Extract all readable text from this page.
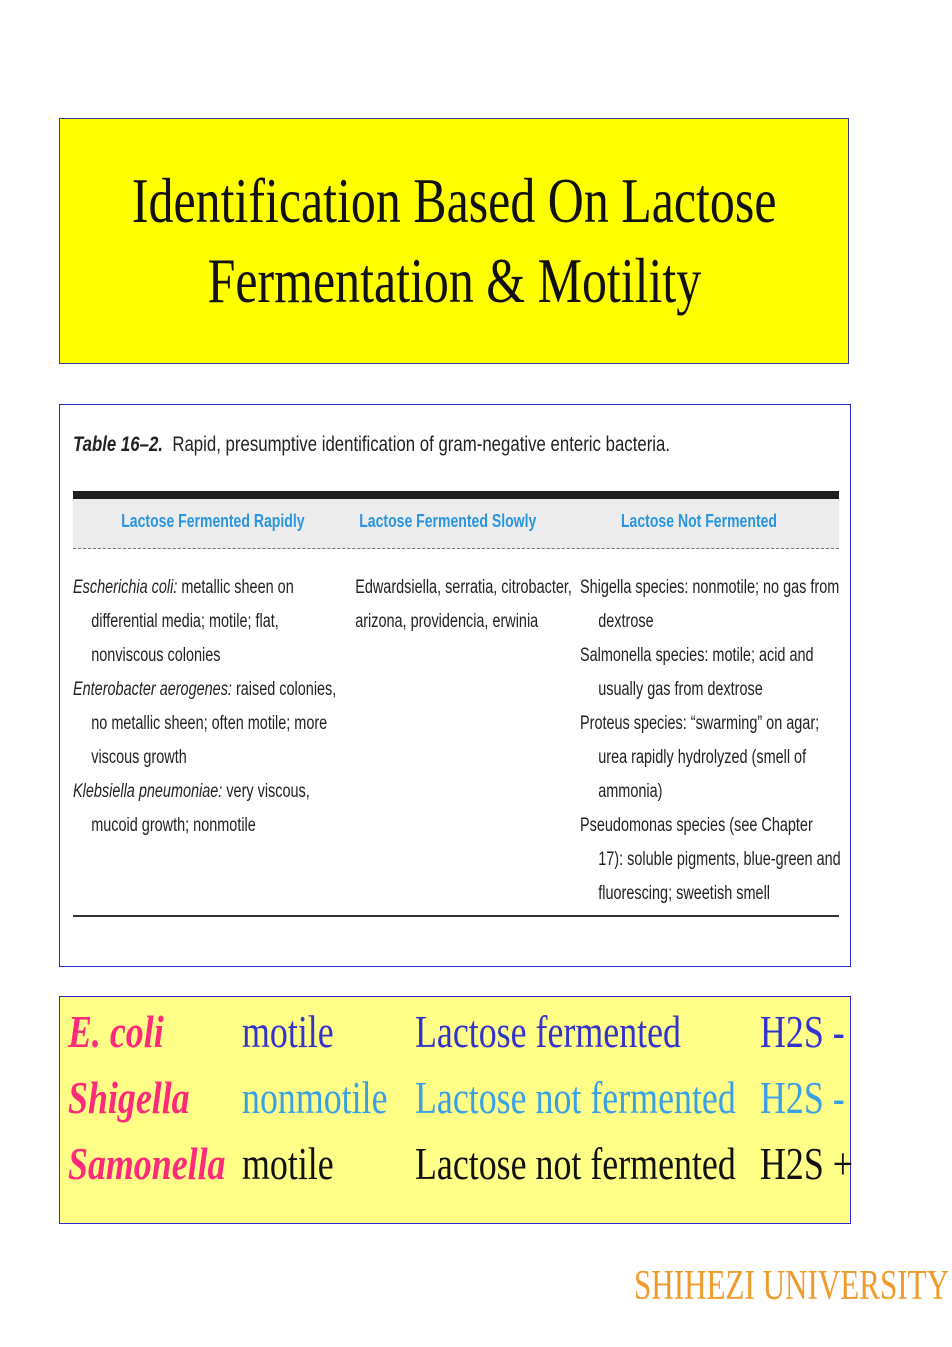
Identification Based On Lactose
Fermentation & Motility
Table 16–2. Rapid, presumptive identification of gram-negative enteric bacteria.
Lactose Fermented Rapidly	Lactose Fermented Slowly	Lactose Not Fermented
Escherichia coli: metallic sheen on
differential media; motile; flat,
nonviscous colonies
Enterobacter aerogenes: raised colonies,
no metallic sheen; often motile; more
viscous growth
Klebsiella pneumoniae: very viscous,
mucoid growth; nonmotile
Edwardsiella, serratia, citrobacter,
arizona, providencia, erwinia
Shigella species: nonmotile; no gas from
dextrose
Salmonella species: motile; acid and
usually gas from dextrose
Proteus species: “swarming” on agar;
urea rapidly hydrolyzed (smell of
ammonia)
Pseudomonas species (see Chapter
17): soluble pigments, blue-green and
fluorescing; sweetish smell
E. coli motile Lactose fermented H2S -
Shigella nonmotile Lactose not fermented H2S -
Samonella motile Lactose not fermented H2S +
SHIHEZI UNIVERSITY
